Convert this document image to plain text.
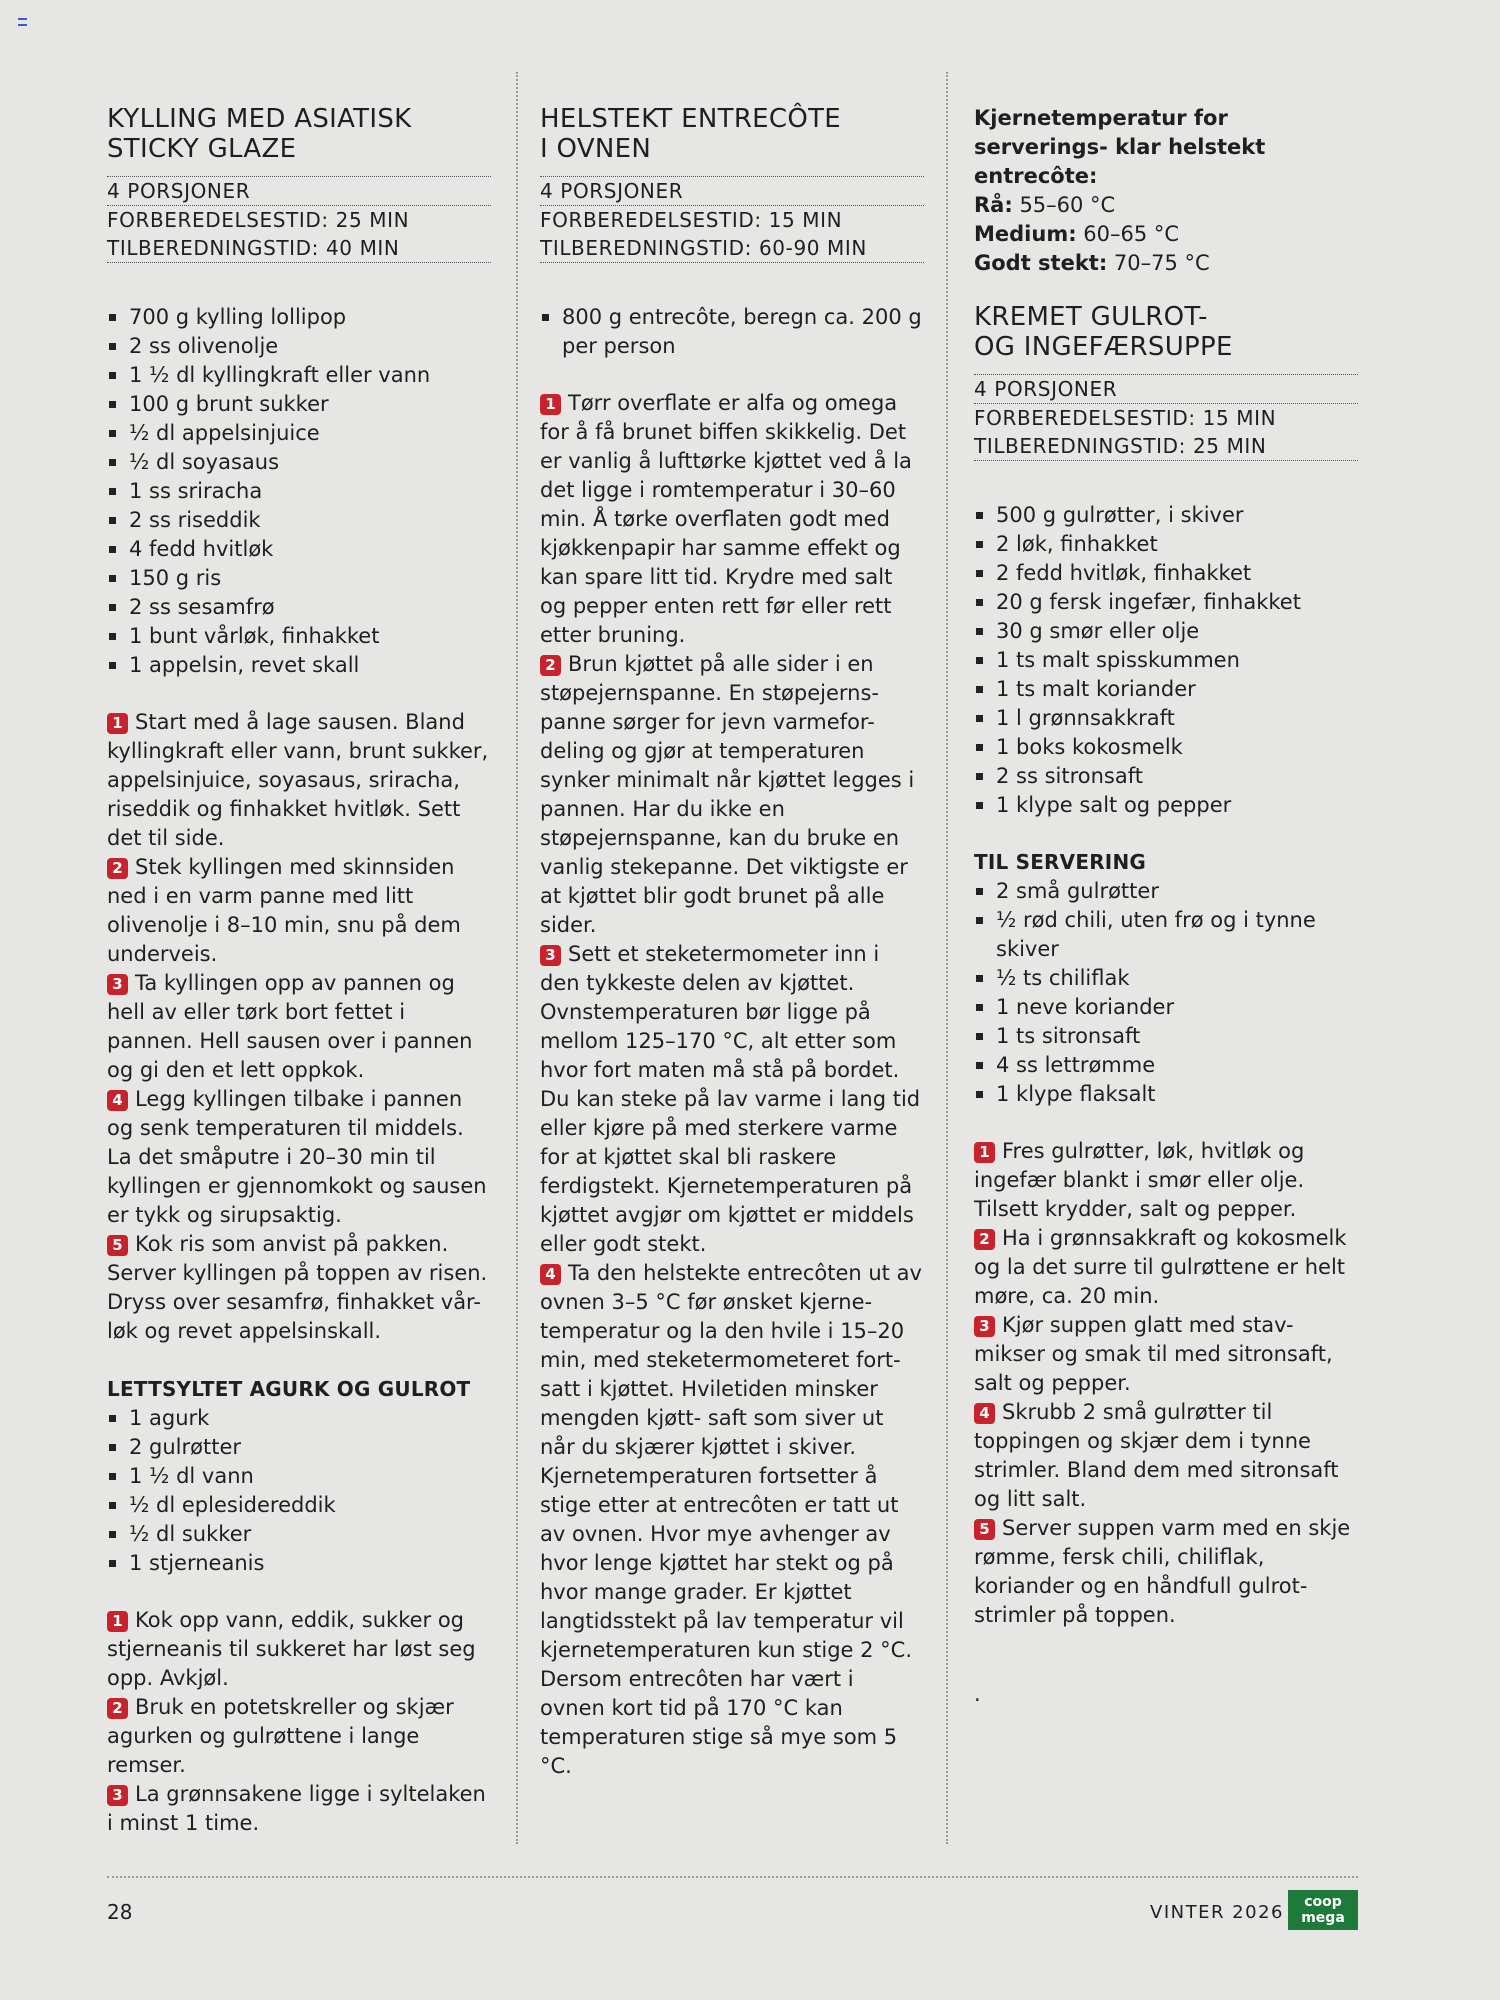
KYLLING MED ASIATISK
STICKY GLAZE
4 PORSJONER
FORBEREDELSESTID: 25 MIN
TILBEREDNINGSTID: 40 MIN
700 g kylling lollipop
2 ss olivenolje
1 ½ dl kyllingkraft eller vann
100 g brunt sukker
½ dl appelsinjuice
½ dl soyasaus
1 ss sriracha
2 ss riseddik
4 fedd hvitløk
150 g ris
2 ss sesamfrø
1 bunt vårløk, finhakket
1 appelsin, revet skall

1 Start med å lage sausen. Bland kyllingkraft eller vann, brunt sukker, appelsinjuice, soyasaus, sriracha, riseddik og finhakket hvitløk. Sett det til side.

2 Stek kyllingen med skinnsiden ned i en varm panne med litt olivenolje i 8–10 min, snu på dem underveis.

3 Ta kyllingen opp av pannen og hell av eller tørk bort fettet i pannen. Hell sausen over i pannen og gi den et lett oppkok.

4 Legg kyllingen tilbake i pannen og senk temperaturen til middels. La det småputre i 20–30 min til kyllingen er gjennomkokt og sausen er tykk og sirupsaktig.

5 Kok ris som anvist på pakken. Server kyllingen på toppen av risen. Dryss over sesamfrø, finhakket vår- løk og revet appelsinskall.

LETTSYLTET AGURK OG GULROT
1 agurk
2 gulrøtter
1 ½ dl vann
½ dl eplesidereddik
½ dl sukker
1 stjerneanis

1 Kok opp vann, eddik, sukker og stjerneanis til sukkeret har løst seg opp. Avkjøl.

2 Bruk en potetskreller og skjær agurken og gulrøttene i lange remser.

3 La grønnsakene ligge i syltelaken i minst 1 time.

HELSTEKT ENTRECÔTE
I OVNEN
4 PORSJONER
FORBEREDELSESTID: 15 MIN
TILBEREDNINGSTID: 60-90 MIN
800 g entrecôte, beregn ca. 200 g per person

1 Tørr overflate er alfa og omega for å få brunet biffen skikkelig. Det er vanlig å lufttørke kjøttet ved å la det ligge i romtemperatur i 30–60 min. Å tørke overflaten godt med kjøkkenpapir har samme effekt og kan spare litt tid. Krydre med salt og pepper enten rett før eller rett etter bruning.

2 Brun kjøttet på alle sider i en støpejernspanne. En støpejerns- panne sørger for jevn varmefor- deling og gjør at temperaturen synker minimalt når kjøttet legges i pannen. Har du ikke en støpejernspanne, kan du bruke en vanlig stekepanne. Det viktigste er at kjøttet blir godt brunet på alle sider.

3 Sett et steketermometer inn i den tykkeste delen av kjøttet. Ovnstemperaturen bør ligge på mellom 125–170 °C, alt etter som hvor fort maten må stå på bordet. Du kan steke på lav varme i lang tid eller kjøre på med sterkere varme for at kjøttet skal bli raskere ferdigstekt. Kjernetemperaturen på kjøttet avgjør om kjøttet er middels eller godt stekt.

4 Ta den helstekte entrecôten ut av ovnen 3–5 °C før ønsket kjerne- temperatur og la den hvile i 15–20 min, med steketermometeret fort- satt i kjøttet. Hviletiden minsker mengden kjøtt- saft som siver ut når du skjærer kjøttet i skiver. Kjernetemperaturen fortsetter å stige etter at entrecôten er tatt ut av ovnen. Hvor mye avhenger av hvor lenge kjøttet har stekt og på hvor mange grader. Er kjøttet langtidsstekt på lav temperatur vil kjernetemperaturen kun stige 2 °C. Dersom entrecôten har vært i ovnen kort tid på 170 °C kan temperaturen stige så mye som 5 °C.

Kjernetemperatur for serverings- klar helstekt entrecôte:

Rå: 55–60 °C

Medium: 60–65 °C

Godt stekt: 70–75 °C

KREMET GULROT-
OG INGEFÆRSUPPE
4 PORSJONER
FORBEREDELSESTID: 15 MIN
TILBEREDNINGSTID: 25 MIN
500 g gulrøtter, i skiver
2 løk, finhakket
2 fedd hvitløk, finhakket
20 g fersk ingefær, finhakket
30 g smør eller olje
1 ts malt spisskummen
1 ts malt koriander
1 l grønnsakkraft
1 boks kokosmelk
2 ss sitronsaft
1 klype salt og pepper
TIL SERVERING
2 små gulrøtter
½ rød chili, uten frø og i tynne skiver
½ ts chiliflak
1 neve koriander
1 ts sitronsaft
4 ss lettrømme
1 klype flaksalt

1 Fres gulrøtter, løk, hvitløk og ingefær blankt i smør eller olje. Tilsett krydder, salt og pepper.

2 Ha i grønnsakkraft og kokosmelk og la det surre til gulrøttene er helt møre, ca. 20 min.

3 Kjør suppen glatt med stav- mikser og smak til med sitronsaft, salt og pepper.

4 Skrubb 2 små gulrøtter til toppingen og skjær dem i tynne strimler. Bland dem med sitronsaft og litt salt.

5 Server suppen varm med en skje rømme, fersk chili, chiliflak, koriander og en håndfull gulrot- strimler på toppen.

.
28	VINTER 2026	coop
mega
